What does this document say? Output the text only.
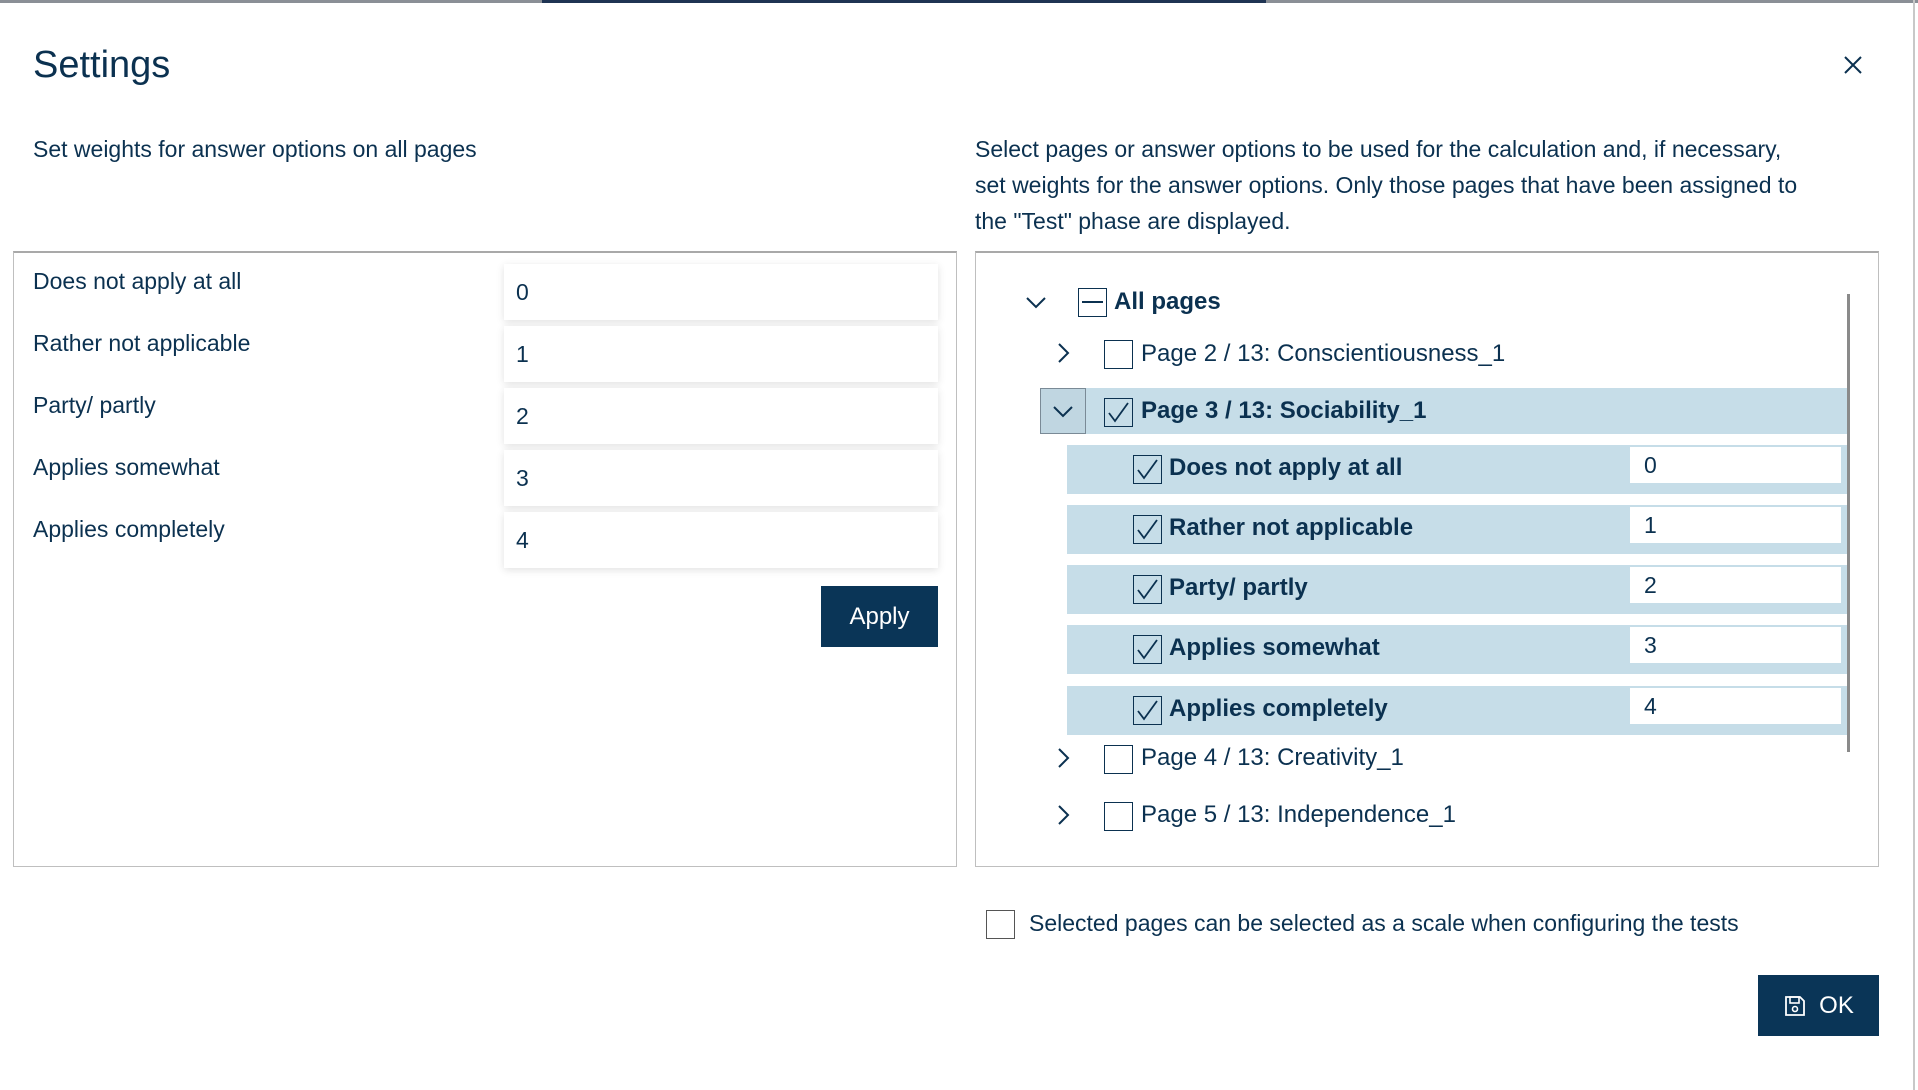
Settings
Set weights for answer options on all pages	Select pages or answer options to be used for the calculation and, if necessary,
set weights for the answer options. Only those pages that have been assigned to
the "Test" phase are displayed.
Does not apply at all
Rather not applicable
Party/ partly
Applies somewhat
Applies completely
0
1
2
3
4
Apply
All pages
Page 2 / 13: Conscientiousness_1
Page 3 / 13: Sociability_1
Does not apply at all
0
Rather not applicable
1
Party/ partly
2
Applies somewhat
3
Applies completely
4
Page 4 / 13: Creativity_1
Page 5 / 13: Independence_1
Selected pages can be selected as a scale when configuring the tests
OK
